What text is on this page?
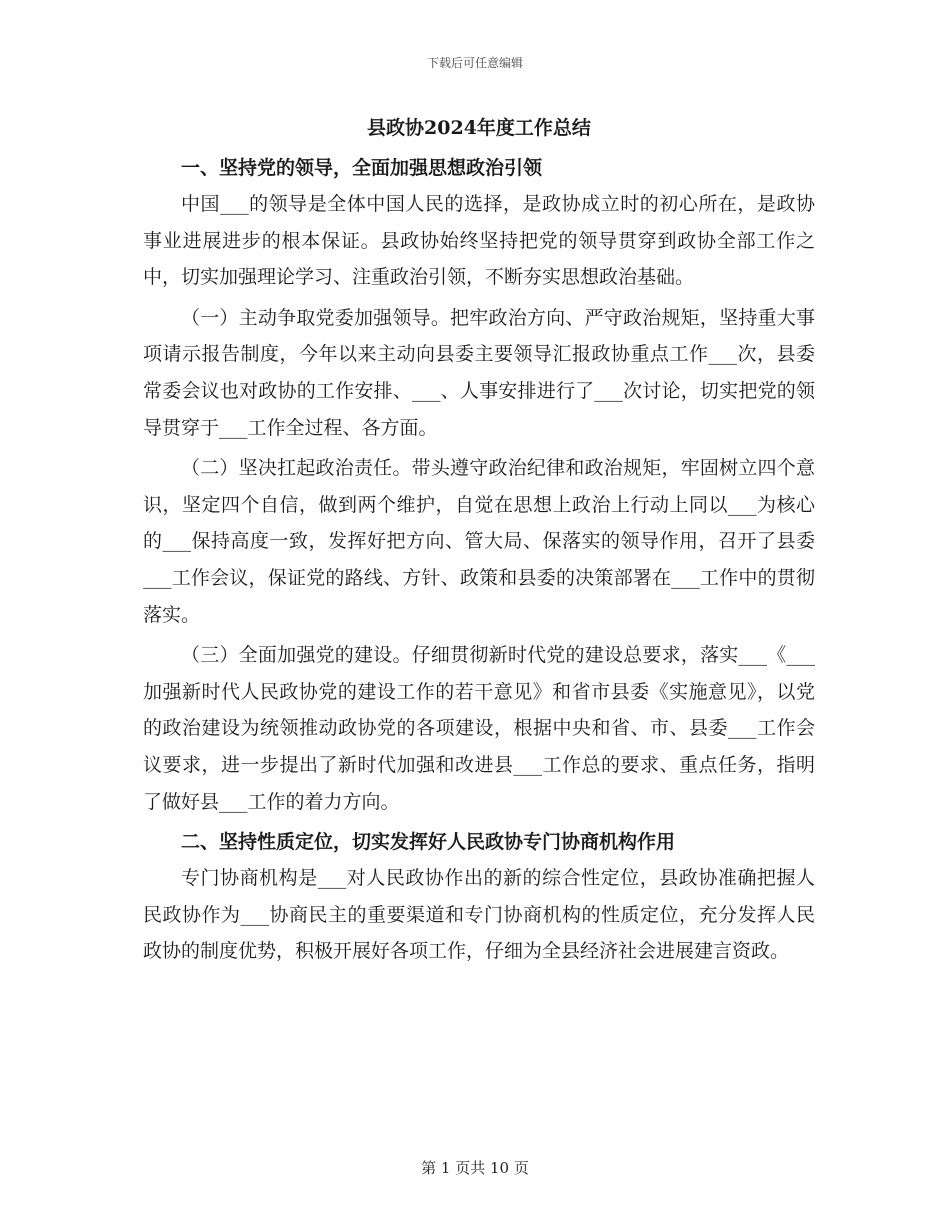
下载后可任意编辑
县政协2024年度工作总结
一、坚持党的领导，全面加强思想政治引领

中国___的领导是全体中国人民的选择，是政协成立时的初心所在，是政协事业进展进步的根本保证。县政协始终坚持把党的领导贯穿到政协全部工作之中，切实加强理论学习、注重政治引领，不断夯实思想政治基础。

（一）主动争取党委加强领导。把牢政治方向、严守政治规矩，坚持重大事项请示报告制度，今年以来主动向县委主要领导汇报政协重点工作___次，县委常委会议也对政协的工作安排、___、人事安排进行了___次讨论，切实把党的领导贯穿于___工作全过程、各方面。

（二）坚决扛起政治责任。带头遵守政治纪律和政治规矩，牢固树立四个意识，坚定四个自信，做到两个维护，自觉在思想上政治上行动上同以___为核心的___保持高度一致，发挥好把方向、管大局、保落实的领导作用，召开了县委___工作会议，保证党的路线、方针、政策和县委的决策部署在___工作中的贯彻落实。

（三）全面加强党的建设。仔细贯彻新时代党的建设总要求，落实___《___加强新时代人民政协党的建设工作的若干意见》和省市县委《实施意见》，以党的政治建设为统领推动政协党的各项建设，根据中央和省、市、县委___工作会议要求，进一步提出了新时代加强和改进县___工作总的要求、重点任务，指明了做好县___工作的着力方向。

二、坚持性质定位，切实发挥好人民政协专门协商机构作用

专门协商机构是___对人民政协作出的新的综合性定位，县政协准确把握人民政协作为___协商民主的重要渠道和专门协商机构的性质定位，充分发挥人民政协的制度优势，积极开展好各项工作，仔细为全县经济社会进展建言资政。

第 1 页共 10 页
